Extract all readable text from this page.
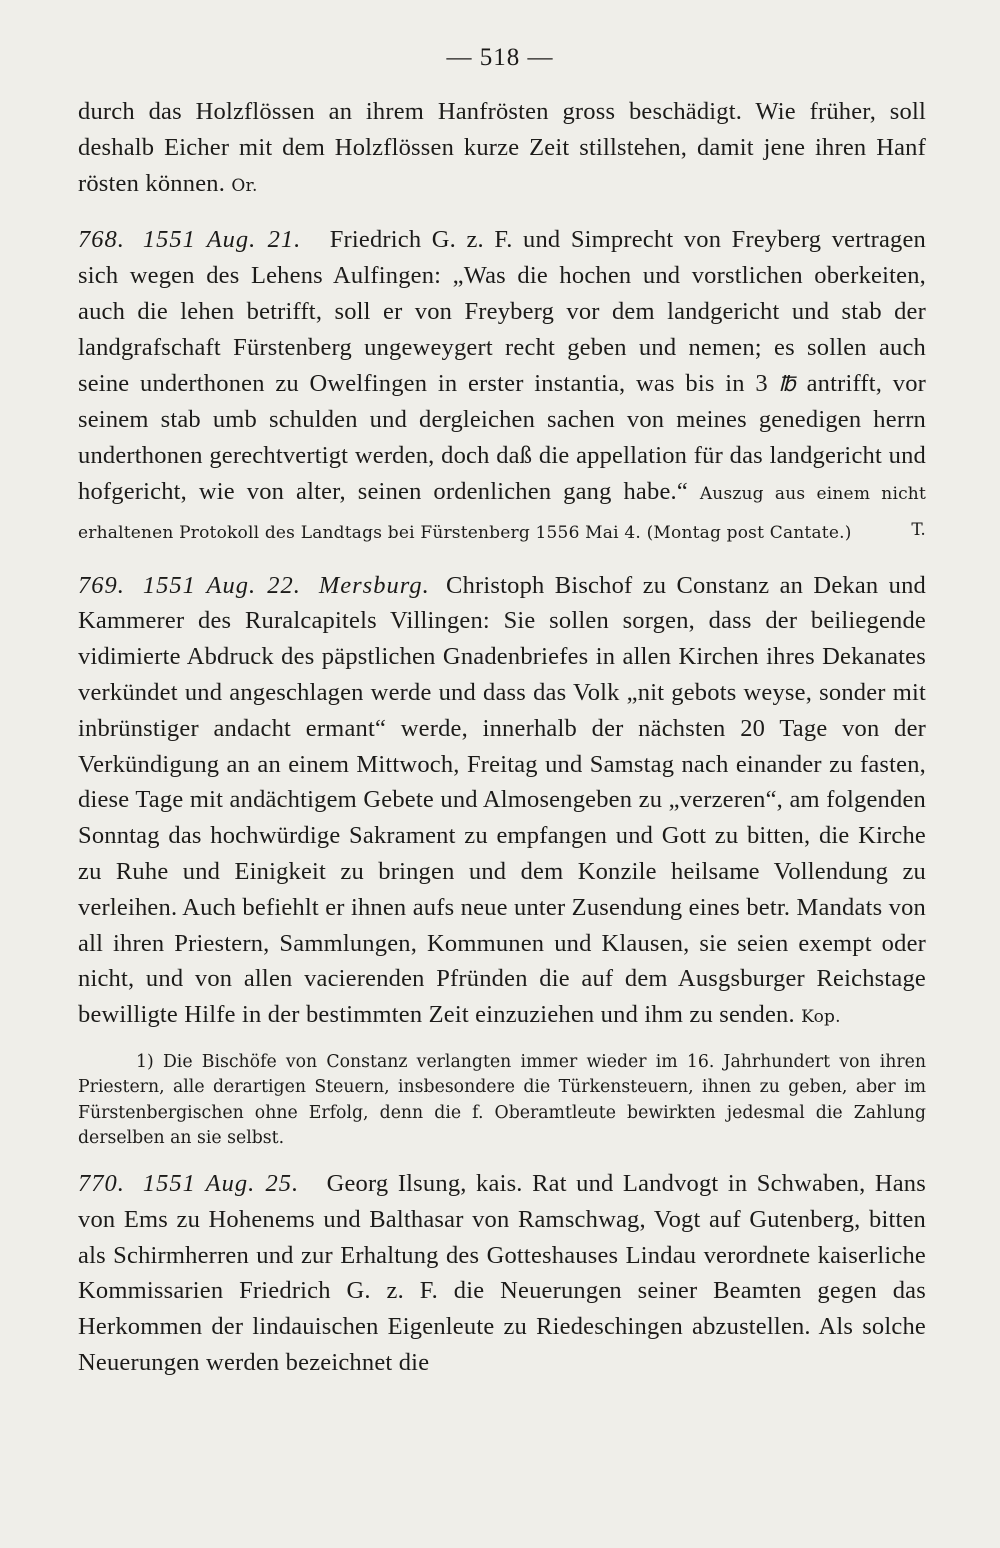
— 518 —

durch das Holzflössen an ihrem Hanfrösten gross beschädigt. Wie früher, soll deshalb Eicher mit dem Holzflössen kurze Zeit stillstehen, damit jene ihren Hanf rösten können. Or.

768. 1551 Aug. 21. Friedrich G. z. F. und Simprecht von Freyberg vertragen sich wegen des Lehens Aulfingen: „Was die hochen und vorstlichen oberkeiten, auch die lehen betrifft, soll er von Freyberg vor dem landgericht und stab der landgrafschaft Fürstenberg ungeweygert recht geben und nemen; es sollen auch seine underthonen zu Owelfingen in erster instantia, was bis in 3 ℔ antrifft, vor seinem stab umb schulden und dergleichen sachen von meines genedigen herrn underthonen gerechtvertigt werden, doch daß die appellation für das landgericht und hofgericht, wie von alter, seinen ordenlichen gang habe.“ Auszug aus einem nicht erhaltenen Protokoll des Landtags bei Fürstenberg 1556 Mai 4. (Montag post Cantate.)	T.

769. 1551 Aug. 22. Mersburg. Christoph Bischof zu Constanz an Dekan und Kammerer des Ruralcapitels Villingen: Sie sollen sorgen, dass der beiliegende vidimierte Abdruck des päpstlichen Gnadenbriefes in allen Kirchen ihres Dekanates verkündet und angeschlagen werde und dass das Volk „nit gebots weyse, sonder mit inbrünstiger andacht ermant“ werde, innerhalb der nächsten 20 Tage von der Verkündigung an an einem Mittwoch, Freitag und Samstag nach einander zu fasten, diese Tage mit andächtigem Gebete und Almosengeben zu „verzeren“, am folgenden Sonntag das hochwürdige Sakrament zu empfangen und Gott zu bitten, die Kirche zu Ruhe und Einigkeit zu bringen und dem Konzile heilsame Vollendung zu verleihen. Auch befiehlt er ihnen aufs neue unter Zusendung eines betr. Mandats von all ihren Priestern, Sammlungen, Kommunen und Klausen, sie seien exempt oder nicht, und von allen vacierenden Pfründen die auf dem Ausgsburger Reichstage bewilligte Hilfe in der bestimmten Zeit einzuziehen und ihm zu senden. Kop.

1) Die Bischöfe von Constanz verlangten immer wieder im 16. Jahrhundert von ihren Priestern, alle derartigen Steuern, insbesondere die Türkensteuern, ihnen zu geben, aber im Fürstenbergischen ohne Erfolg, denn die f. Oberamtleute bewirkten jedesmal die Zahlung derselben an sie selbst.

770. 1551 Aug. 25. Georg Ilsung, kais. Rat und Landvogt in Schwaben, Hans von Ems zu Hohenems und Balthasar von Ramschwag, Vogt auf Gutenberg, bitten als Schirmherren und zur Erhaltung des Gotteshauses Lindau verordnete kaiserliche Kommissarien Friedrich G. z. F. die Neuerungen seiner Beamten gegen das Herkommen der lindauischen Eigenleute zu Riedeschingen abzustellen. Als solche Neuerungen werden bezeichnet die
